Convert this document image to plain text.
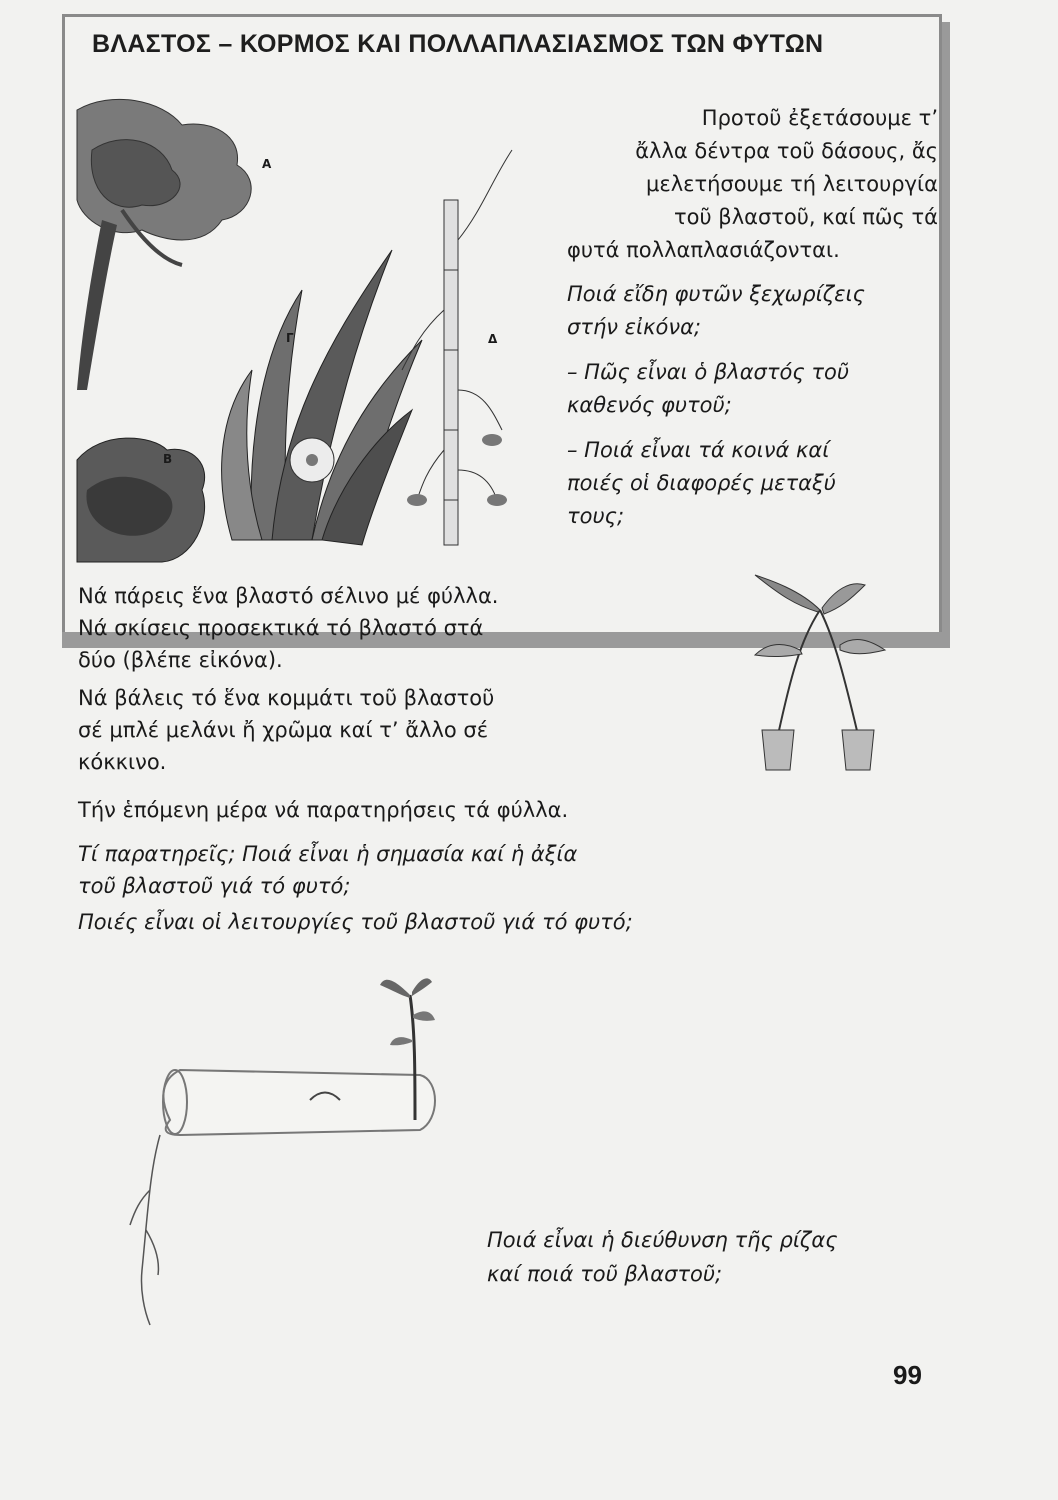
ΒΛΑΣΤΟΣ – ΚΟΡΜΟΣ ΚΑΙ ΠΟΛΛΑΠΛΑΣΙΑΣΜΟΣ ΤΩΝ ΦΥΤΩΝ
Α
Γ	Δ
Β
Προτοῦ ἐξετάσουμε τ’
ἄλλα δέντρα τοῦ δάσους, ἄς
μελετήσουμε τή λειτουργία
τοῦ βλαστοῦ, καί πῶς τά
φυτά πολλαπλασιάζονται.
Ποιά εἴδη φυτῶν ξεχωρίζεις
στήν εἰκόνα;
– Πῶς εἶναι ὁ βλαστός τοῦ
καθενός φυτοῦ;
– Ποιά εἶναι τά κοινά καί
ποιές οἱ διαφορές μεταξύ
τους;
Νά πάρεις ἕνα βλαστό σέλινο μέ φύλλα.
Νά σκίσεις προσεκτικά τό βλαστό στά
δύο (βλέπε εἰκόνα).
Νά βάλεις τό ἕνα κομμάτι τοῦ βλαστοῦ
σέ μπλέ μελάνι ἤ χρῶμα καί τ’ ἄλλο σέ
κόκκινο.
Τήν ἑπόμενη μέρα νά παρατηρήσεις τά φύλλα.
Τί παρατηρεῖς; Ποιά εἶναι ἡ σημασία καί ἡ ἀξία
τοῦ βλαστοῦ γιά τό φυτό;
Ποιές εἶναι οἱ λειτουργίες τοῦ βλαστοῦ γιά τό φυτό;
Ποιά εἶναι ἡ διεύθυνση τῆς ρίζας
καί ποιά τοῦ βλαστοῦ;
99
